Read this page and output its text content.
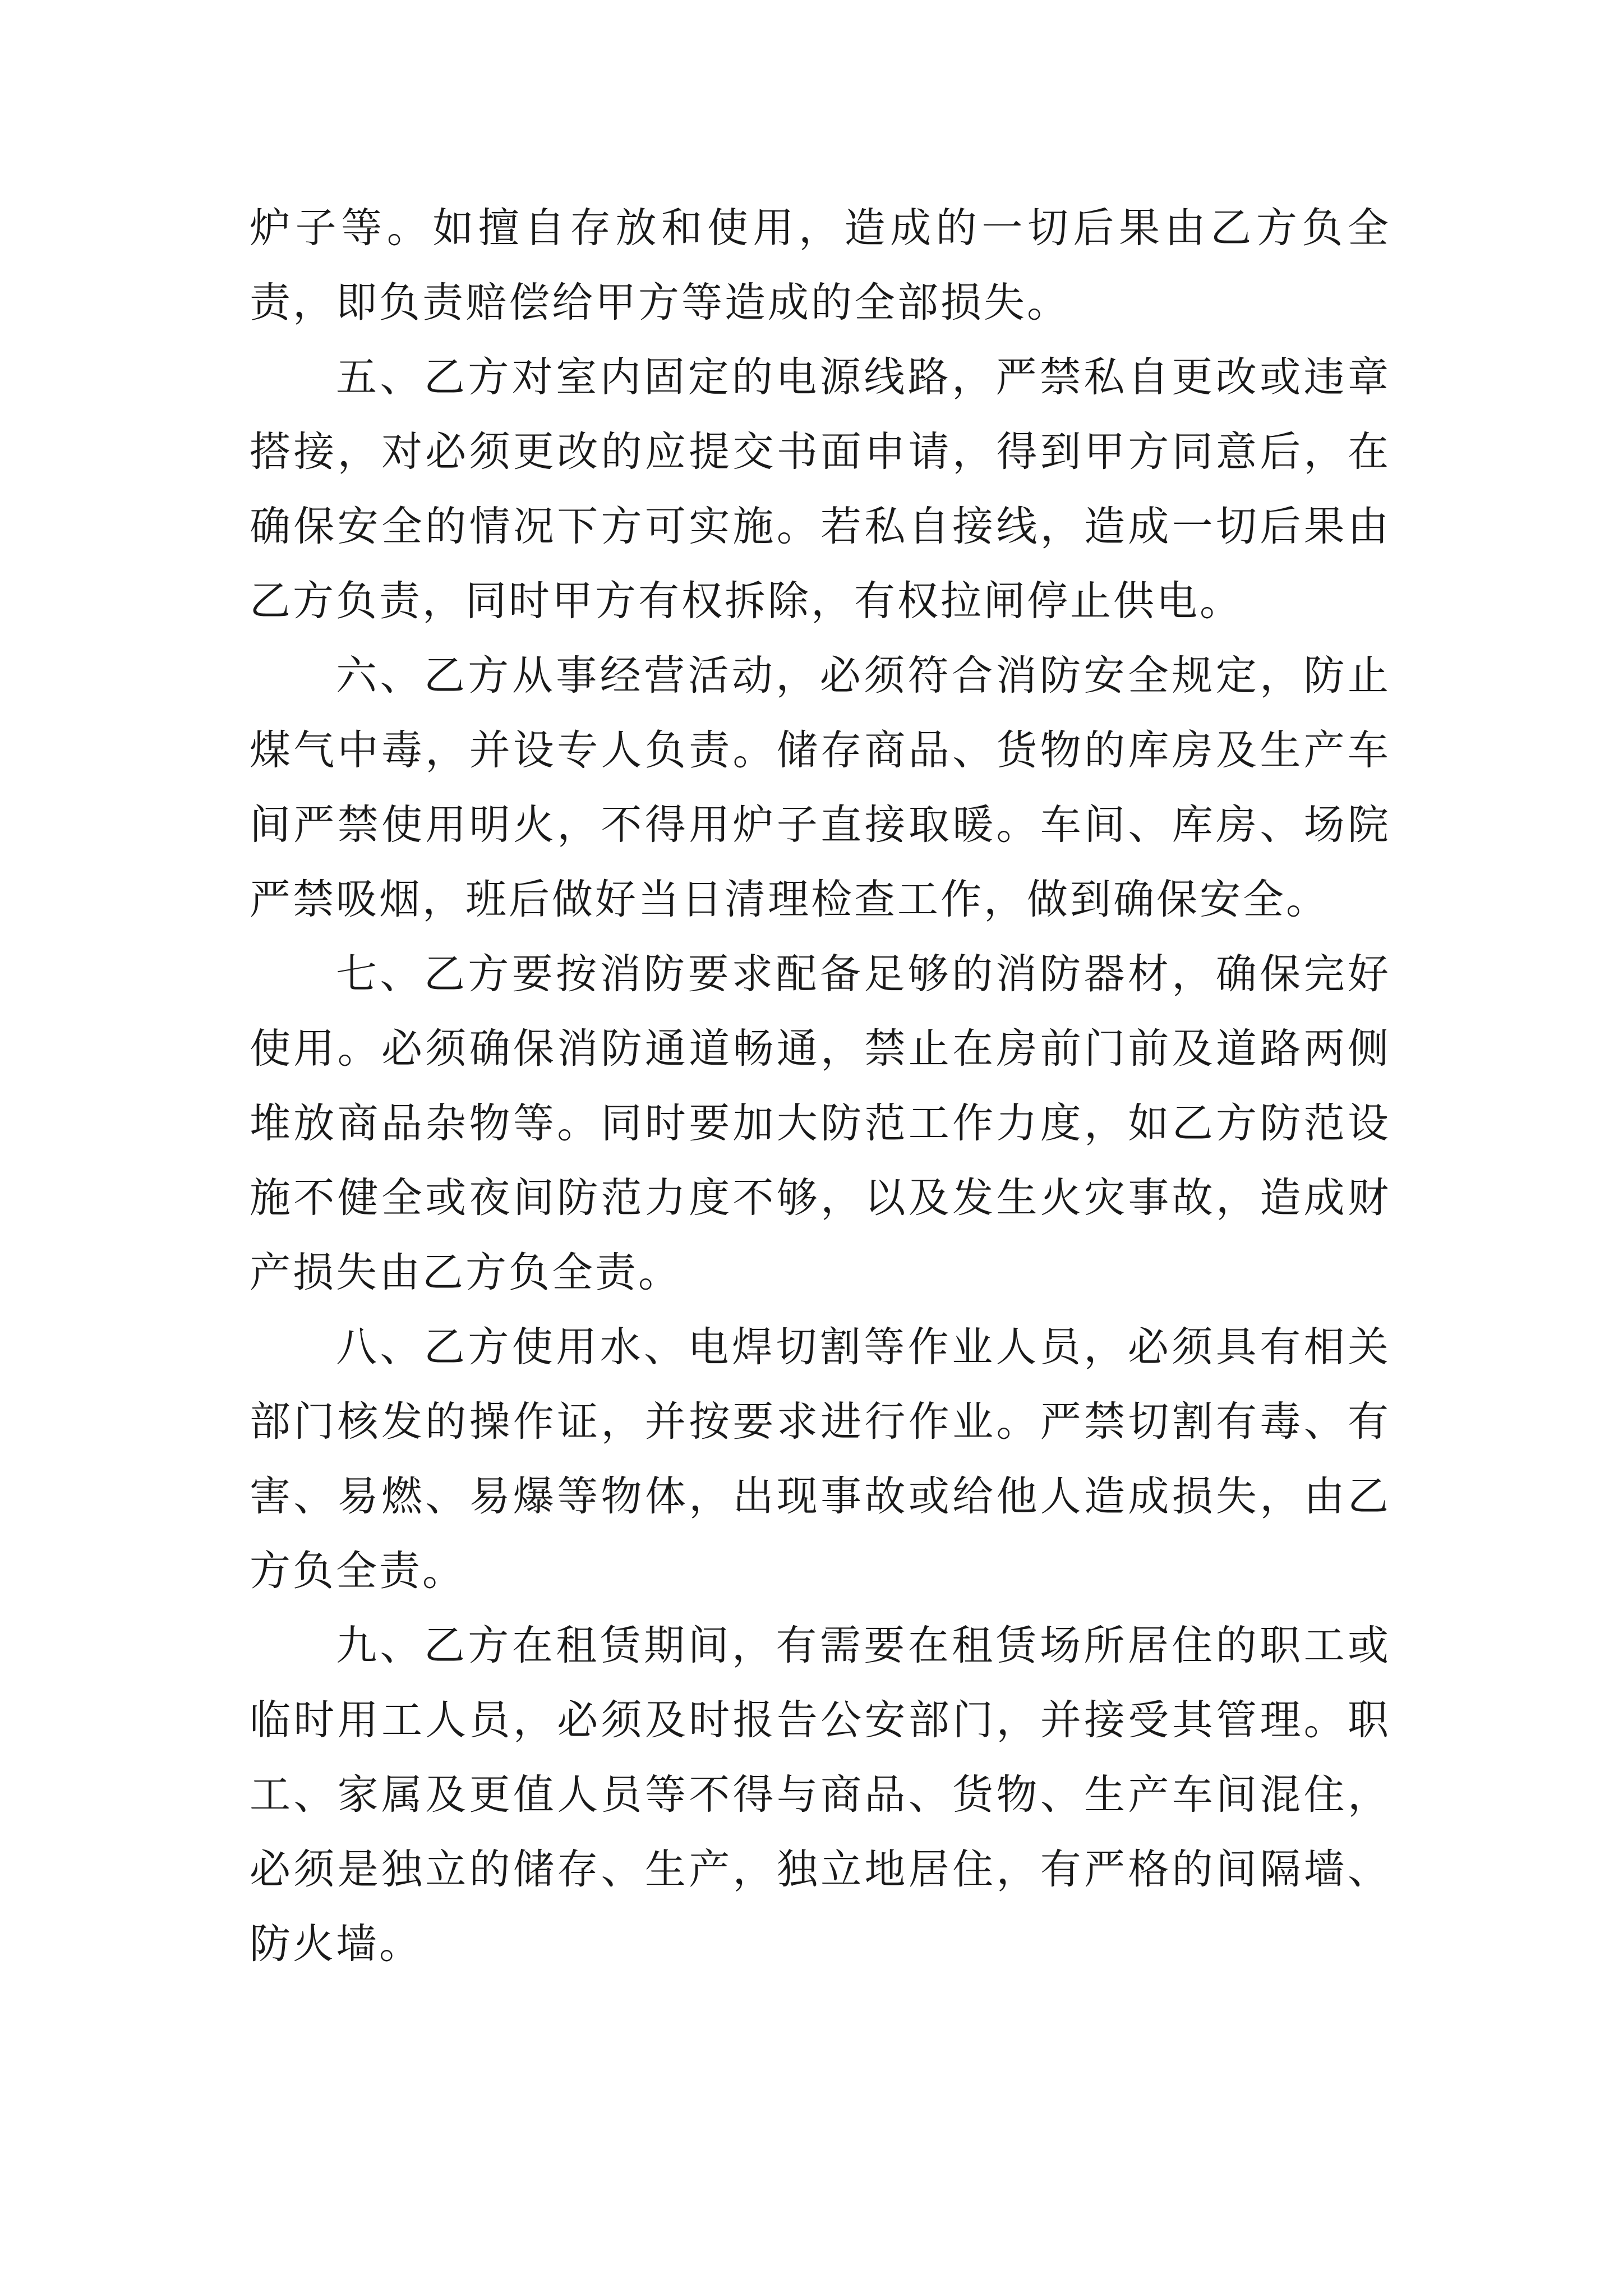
炉子等。如擅自存放和使用，造成的一切后果由乙方负全责，即负责赔偿给甲方等造成的全部损失。

五、乙方对室内固定的电源线路，严禁私自更改或违章搭接，对必须更改的应提交书面申请，得到甲方同意后，在确保安全的情况下方可实施。若私自接线，造成一切后果由乙方负责，同时甲方有权拆除，有权拉闸停止供电。

六、乙方从事经营活动，必须符合消防安全规定，防止煤气中毒，并设专人负责。储存商品、货物的库房及生产车间严禁使用明火，不得用炉子直接取暖。车间、库房、场院严禁吸烟，班后做好当日清理检查工作，做到确保安全。

七、乙方要按消防要求配备足够的消防器材，确保完好使用。必须确保消防通道畅通，禁止在房前门前及道路两侧堆放商品杂物等。同时要加大防范工作力度，如乙方防范设施不健全或夜间防范力度不够，以及发生火灾事故，造成财产损失由乙方负全责。

八、乙方使用水、电焊切割等作业人员，必须具有相关部门核发的操作证，并按要求进行作业。严禁切割有毒、有害、易燃、易爆等物体，出现事故或给他人造成损失，由乙方负全责。

九、乙方在租赁期间，有需要在租赁场所居住的职工或临时用工人员，必须及时报告公安部门，并接受其管理。职工、家属及更值人员等不得与商品、货物、生产车间混住，必须是独立的储存、生产，独立地居住，有严格的间隔墙、防火墙。
